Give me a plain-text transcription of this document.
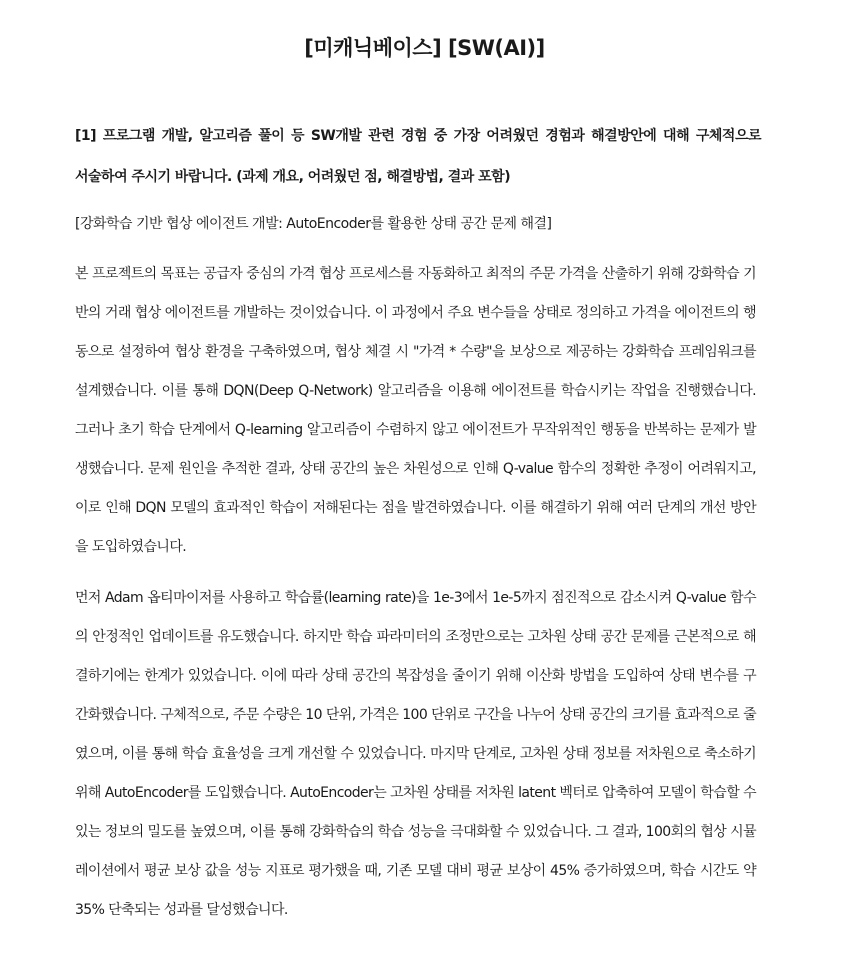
[미캐닉베이스] [SW(AI)]
[1] 프로그램 개발, 알고리즘 풀이 등 SW개발 관련 경험 중 가장 어려웠던 경험과 해결방안에 대해 구체적으로 서술하여 주시기 바랍니다. (과제 개요, 어려웠던 점, 해결방법, 결과 포함)
[강화학습 기반 협상 에이전트 개발: AutoEncoder를 활용한 상태 공간 문제 해결]
본 프로젝트의 목표는 공급자 중심의 가격 협상 프로세스를 자동화하고 최적의 주문 가격을 산출하기 위해 강화학습 기반의 거래 협상 에이전트를 개발하는 것이었습니다. 이 과정에서 주요 변수들을 상태로 정의하고 가격을 에이전트의 행동으로 설정하여 협상 환경을 구축하였으며, 협상 체결 시 "가격 * 수량"을 보상으로 제공하는 강화학습 프레임워크를 설계했습니다. 이를 통해 DQN(Deep Q-Network) 알고리즘을 이용해 에이전트를 학습시키는 작업을 진행했습니다. 그러나 초기 학습 단계에서 Q-learning 알고리즘이 수렴하지 않고 에이전트가 무작위적인 행동을 반복하는 문제가 발생했습니다. 문제 원인을 추적한 결과, 상태 공간의 높은 차원성으로 인해 Q-value 함수의 정확한 추정이 어려워지고, 이로 인해 DQN 모델의 효과적인 학습이 저해된다는 점을 발견하였습니다. 이를 해결하기 위해 여러 단계의 개선 방안을 도입하였습니다.
먼저 Adam 옵티마이저를 사용하고 학습률(learning rate)을 1e-3에서 1e-5까지 점진적으로 감소시켜 Q-value 함수의 안정적인 업데이트를 유도했습니다. 하지만 학습 파라미터의 조정만으로는 고차원 상태 공간 문제를 근본적으로 해결하기에는 한계가 있었습니다. 이에 따라 상태 공간의 복잡성을 줄이기 위해 이산화 방법을 도입하여 상태 변수를 구간화했습니다. 구체적으로, 주문 수량은 10 단위, 가격은 100 단위로 구간을 나누어 상태 공간의 크기를 효과적으로 줄였으며, 이를 통해 학습 효율성을 크게 개선할 수 있었습니다. 마지막 단계로, 고차원 상태 정보를 저차원으로 축소하기 위해 AutoEncoder를 도입했습니다. AutoEncoder는 고차원 상태를 저차원 latent 벡터로 압축하여 모델이 학습할 수 있는 정보의 밀도를 높였으며, 이를 통해 강화학습의 학습 성능을 극대화할 수 있었습니다. 그 결과, 100회의 협상 시뮬레이션에서 평균 보상 값을 성능 지표로 평가했을 때, 기존 모델 대비 평균 보상이 45% 증가하였으며, 학습 시간도 약 35% 단축되는 성과를 달성했습니다.
